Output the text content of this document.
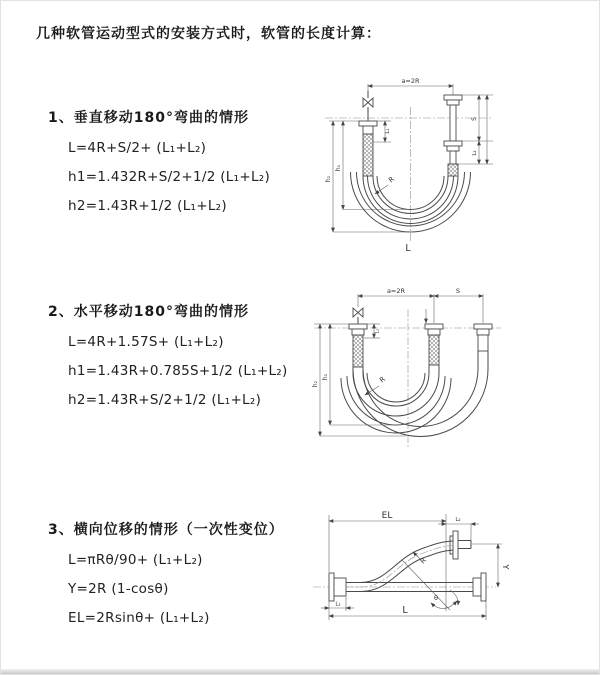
几种软管运动型式的安装方式时，软管的长度计算：
1、垂直移动180°弯曲的情形
L=4R+S/2+ (L₁+L₂)
h1=1.432R+S/2+1/2 (L₁+L₂)
h2=1.43R+1/2 (L₁+L₂)
2、水平移动180°弯曲的情形
L=4R+1.57S+ (L₁+L₂)
h1=1.43R+0.785S+1/2 (L₁+L₂)
h2=1.43R+S/2+1/2 (L₁+L₂)
3、横向位移的情形（一次性变位）
L=πRθ/90+ (L₁+L₂)
Y=2R (1-cosθ)
EL=2Rsinθ+ (L₁+L₂)
a=2R
h₂
h₁
L₁
S
L₂
R
L
a=2R	S
h₂
h₁
L₁
R
EL	L₂
θ
R
Y
L
L₁
